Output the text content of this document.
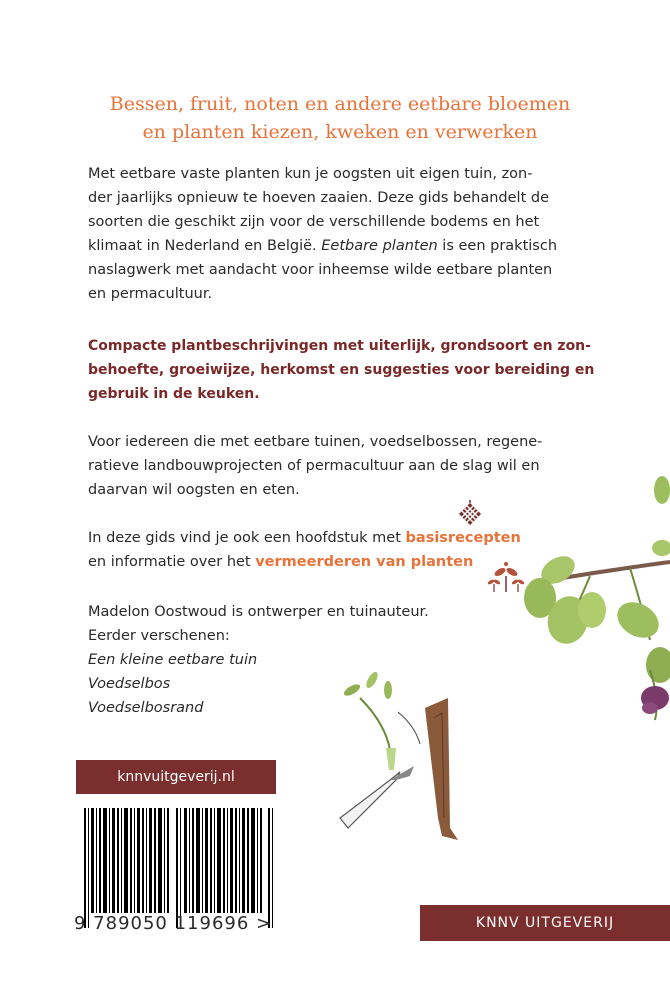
Bessen, fruit, noten en andere eetbare bloemen
en planten kiezen, kweken en verwerken
Met eetbare vaste planten kun je oogsten uit eigen tuin, zon-
der jaarlijks opnieuw te hoeven zaaien. Deze gids behandelt de
soorten die geschikt zijn voor de verschillende bodems en het
klimaat in Nederland en België. Eetbare planten is een praktisch
naslagwerk met aandacht voor inheemse wilde eetbare planten
en permacultuur.
Compacte plantbeschrijvingen met uiterlijk, grondsoort en zon-
behoefte, groeiwijze, herkomst en suggesties voor bereiding en
gebruik in de keuken.
Voor iedereen die met eetbare tuinen, voedselbossen, regene-
ratieve landbouwprojecten of permacultuur aan de slag wil en
daarvan wil oogsten en eten.
In deze gids vind je ook een hoofdstuk met basisrecepten
en informatie over het vermeerderen van planten
Madelon Oostwoud is ontwerper en tuinauteur.
Eerder verschenen:
Een kleine eetbare tuin
Voedselbos
Voedselbosrand
knnvuitgeverij.nl
9 789050 119696 >	KNNV UITGEVERIJ
